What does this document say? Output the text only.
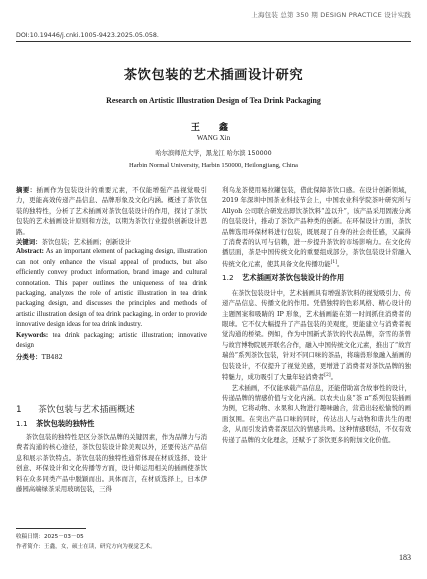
上海包装 总第 350 期 DESIGN PRACTICE 设计实践
DOI:10.19446/j.cnki.1005-9423.2025.05.058.
茶饮包装的艺术插画设计研究
Research on Artistic Illustration Design of Tea Drink Packaging
王 鑫
WANG Xin
哈尔滨师范大学，黑龙江 哈尔滨 150000
Harbin Normal University, Harbin 150000, Heilongjiang, China

摘要：插画作为包装设计的重要元素，不仅能增强产品视觉吸引力，更能高效传递产品信息、品牌形象及文化内涵。概述了茶饮包装的独特性，分析了艺术插画对茶饮包装设计的作用，探讨了茶饮包装的艺术插画设计原则和方法，以期为茶饮行业提供创新设计思路。

关键词：茶饮包装；艺术插画；创新设计

Abstract: As an important element of packaging design, illustration can not only enhance the visual appeal of products, but also efficiently convey product information, brand image and cultural connotation. This paper outlines the uniqueness of tea drink packaging, analyzes the role of artistic illustration in tea drink packaging design, and discusses the principles and methods of artistic illustration design of tea drink packaging, in order to provide innovative design ideas for tea drink industry.

Keywords: tea drink packaging; artistic illustration; innovative design

分类号：TB482

1 茶饮包装与艺术插画概述
1.1 茶饮包装的独特性

茶饮包装的独特性是区分茶饮品牌的关键因素，作为品牌力与消费者沟通的核心途径，茶饮包装设计除美观以外，还要传达产品信息和展示茶饮特点。茶饮包装的独特性通常体现在材质选择、设计创意、环保设计和文化传播等方面，设计师运用相关的插画使茶饮料在众多同类产品中脱颖而出。具体而言，在材质选择上，日本伊藤园高端绿茶采用玻璃包装，三得

收稿日期：2025－03－05
作者简介：王鑫，女，硕士在读，研究方向为视觉艺术。

利乌龙茶使用易拉罐包装，借此保障茶饮口感。在设计创新领域，2019 年深圳中国茶业科技节会上，中国农业科学院茶叶研究所与 Allyoh 公司联合研发出即饮茶饮料“盖以升”，该产品采用固液分离的包装设计，推动了茶饮产品种类的创新。在环保设计方面，茶饮品牌选用环保材料进行包装，既展现了自身的社会责任感，又赢得了消费者的认可与信赖，进一步提升茶饮的市场影响力。在文化传播层面，茶是中国传统文化的重要组成部分，茶饮包装设计常融入传统文化元素，使其具备文化传播功能[1]。

1.2 艺术插画对茶饮包装设计的作用

在茶饮包装设计中，艺术插画具有增强茶饮料的视觉吸引力、传递产品信息、传播文化的作用。凭借独特的色彩风格、精心设计的主题图案和吸睛的 IP 形象，艺术插画能在第一时间抓住消费者的眼球。它不仅大幅提升了产品包装的美观度，更能建立与消费者视觉沟通的桥梁。例如，作为中国新式茶饮的代表品牌，奈雪的茶曾与故宫博物院展开联名合作，融入中国传统文化元素，推出了“故宫瑞兽”系列茶饮包装，针对不同口味的茶品，将瑞兽形象融入插画的包装设计，不仅提升了视觉美感，更增进了消费者对茶饮品牌的独特魅力，成功吸引了大量年轻消费者[2]。

艺术插画，不仅能承载产品信息，还能借助富含故事性的设计，传递品牌的情感价值与文化内涵。以农夫山泉“茶 π”系列包装插画为例，它将动物、水果和人物进行趣味融合，营造出轻松愉悦的画面氛围。在突出产品口味的同时，传达出人与动物和谐共生的理念，从而引发消费者深层次的情感共鸣。这种情感联结，不仅有效传递了品牌的文化理念，还赋予了茶饮更多的附加文化价值。

183
